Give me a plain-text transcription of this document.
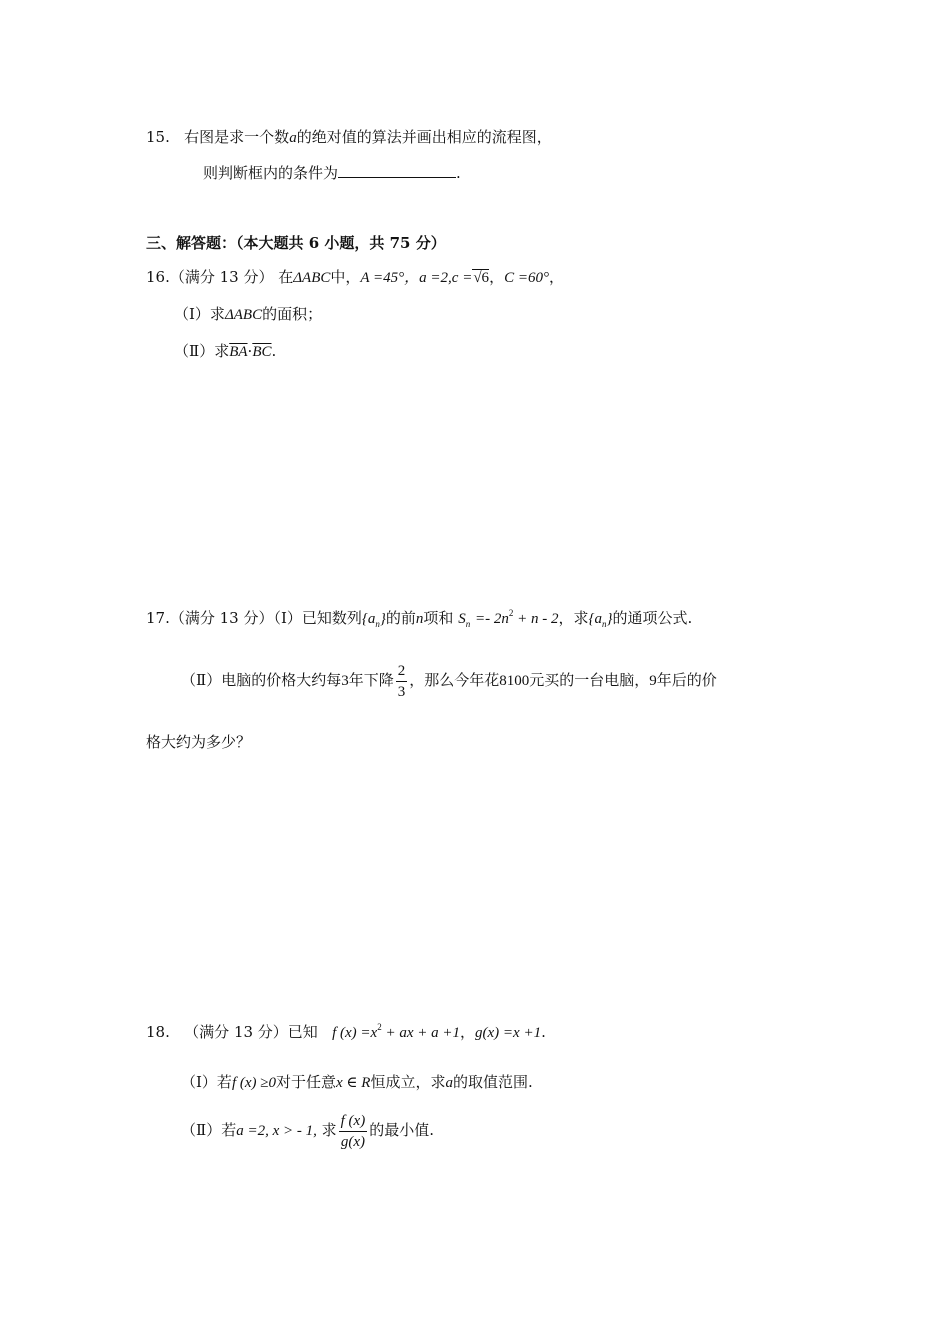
15. 右图是求一个数a的绝对值的算法并画出相应的流程图，
则判断框内的条件为	.
三、解答题：（本大题共 6 小题，共 75 分）
16.（满分 13 分） 在ΔABC中，A =45°，a =2,c =√6，C =60°，
（Ⅰ）求ΔABC的面积；
（Ⅱ）求$\overline{BA}\cdot\overline{BC}$.
17.（满分 13 分）（Ⅰ）已知数列$\{a_n\}$的前n项和 $S_n =- 2n^2 + n - 2$，求$\{a_n\}$的通项公式.
（Ⅱ）电脑的价格大约每3年下降 $\frac{2}{3}$ ，那么今年花8100元买的一台电脑，9年后的价
格大约为多少？
18. （满分 13 分）已知 f $(x) =x^2$ + ax + a +1，g(x) =x +1.
（Ⅰ）若f (x) ≥0对于任意x ∈ R恒成立，求a的取值范围.
（Ⅱ）若a =2, x > - 1, 求 $\frac{f (x)}{g(x)}$ 的最小值.
